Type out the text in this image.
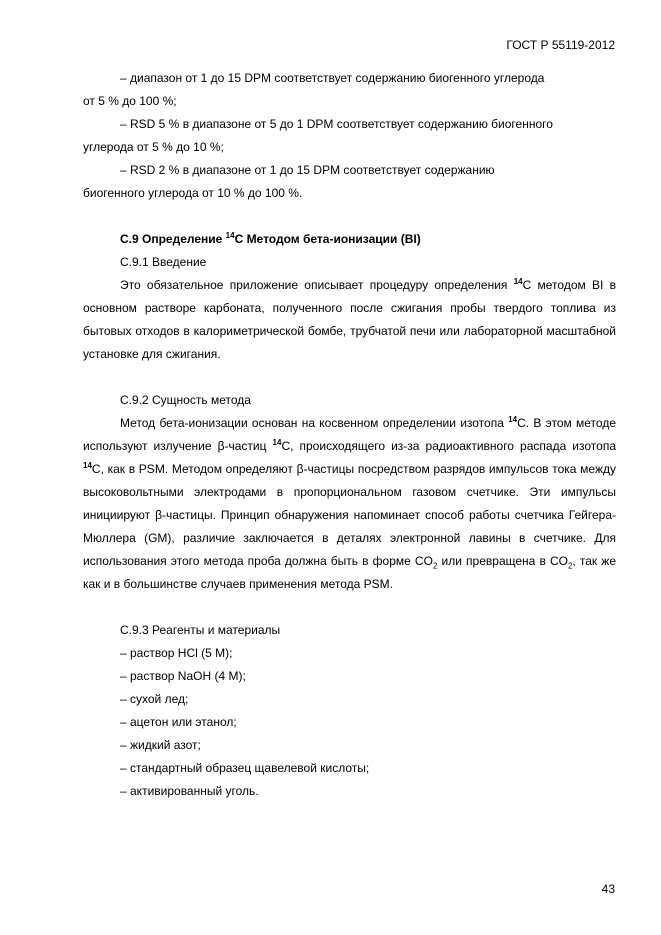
ГОСТ Р 55119-2012

– диапазон от 1 до 15 DPM соответствует содержанию биогенного углерода
от 5 % до 100 %;

– RSD 5 % в диапазоне от 5 до 1 DPM соответствует содержанию биогенного
углерода от 5 % до 10 %;

– RSD 2 % в диапазоне от 1 до 15 DPM соответствует содержанию
биогенного углерода от 10 % до 100 %.

С.9 Определение $^{14}$С Методом бета-ионизации (BI)

С.9.1 Введение

Это обязательное приложение описывает процедуру определения $^{14}$С методом BI в основном растворе карбоната, полученного после сжигания пробы твердого топлива из бытовых отходов в калориметрической бомбе, трубчатой печи или лабораторной масштабной установке для сжигания.

С.9.2 Сущность метода

Метод бета-ионизации основан на косвенном определении изотопа $^{14}$С. В этом методе используют излучение β-частиц $^{14}$С, происходящего из-за радиоактивного распада изотопа $^{14}$С, как в PSM. Методом определяют β-частицы посредством разрядов импульсов тока между высоковольтными электродами в пропорциональном газовом счетчике. Эти импульсы инициируют β-частицы. Принцип обнаружения напоминает способ работы счетчика Гейгера-Мюллера (GM), различие заключается в деталях электронной лавины в счетчике. Для использования этого метода проба должна быть в форме $CO_2$ или превращена в $CO_2$, так же как и в большинстве случаев применения метода PSM.

С.9.3 Реагенты и материалы

– раствор HCl (5 M);
– раствор NaOH (4 M);
– сухой лед;
– ацетон или этанол;
– жидкий азот;
– стандартный образец щавелевой кислоты;
– активированный уголь.
43
